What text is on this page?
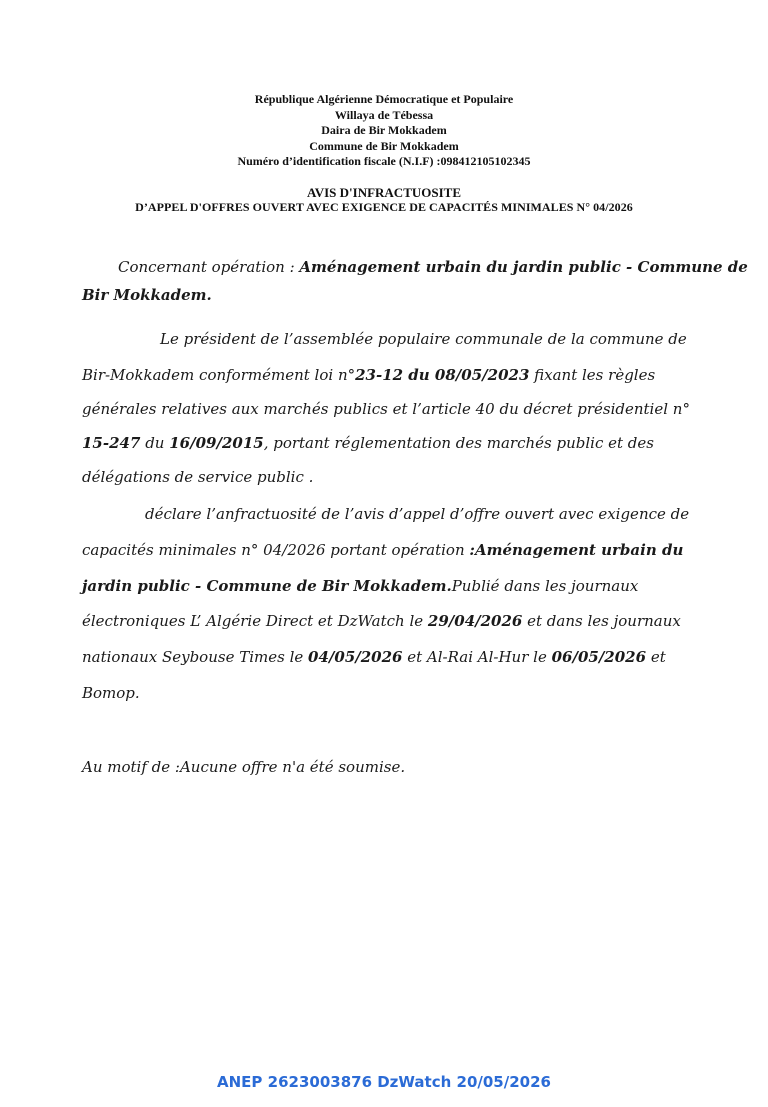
République Algérienne Démocratique et Populaire
Willaya de Tébessa
Daira de Bir Mokkadem
Commune de Bir Mokkadem
Numéro d’identification fiscale (N.I.F) :098412105102345
AVIS D'INFRACTUOSITE
D’APPEL D'OFFRES OUVERT AVEC EXIGENCE DE CAPACITÉS MINIMALES N° 04/2026
Concernant opération : Aménagement urbain du jardin public - Commune de
Bir Mokkadem.
Le président de l’assemblée populaire communale de la commune de
Bir-Mokkadem conformément loi n°23-12 du 08/05/2023 fixant les règles
générales relatives aux marchés publics et l’article 40 du décret présidentiel n°
15-247 du 16/09/2015, portant réglementation des marchés public et des
délégations de service public .
déclare l’anfractuosité de l’avis d’appel d’offre ouvert avec exigence de
capacités minimales n° 04/2026 portant opération :Aménagement urbain du
jardin public - Commune de Bir Mokkadem.Publié dans les journaux
électroniques L’ Algérie Direct et DzWatch le 29/04/2026 et dans les journaux
nationaux Seybouse Times le 04/05/2026 et Al-Rai Al-Hur le 06/05/2026 et
Bomop.
Au motif de :Aucune offre n'a été soumise.
ANEP 2623003876 DzWatch 20/05/2026
